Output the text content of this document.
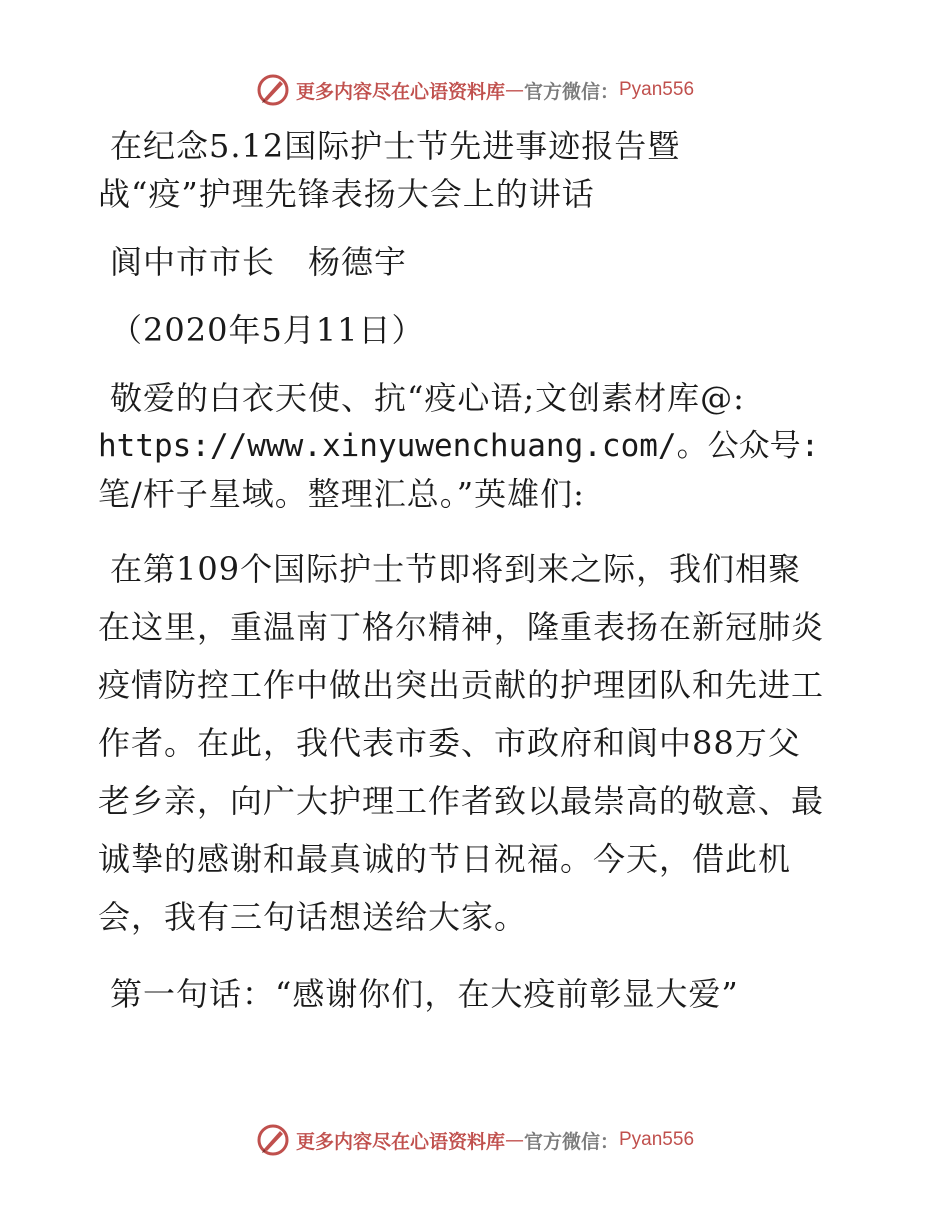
更多内容尽在心语资料库 — 官方微信： Pyan556

在纪念5.12国际护士节先进事迹报告暨

战“疫”护理先锋表扬大会上的讲话

阆中市市长　杨德宇

（2020年5月11日）

敬爱的白衣天使、抗“疫心语;文创素材库@:

https://www.xinyuwenchuang.com/。公众号:

笔/杆子星域。整理汇总。”英雄们:

在第109个国际护士节即将到来之际，我们相聚

在这里，重温南丁格尔精神，隆重表扬在新冠肺炎

疫情防控工作中做出突出贡献的护理团队和先进工

作者。在此，我代表市委、市政府和阆中88万父

老乡亲，向广大护理工作者致以最崇高的敬意、最

诚挚的感谢和最真诚的节日祝福。今天，借此机

会，我有三句话想送给大家。

第一句话：“感谢你们，在大疫前彰显大爱”

更多内容尽在心语资料库 — 官方微信： Pyan556
